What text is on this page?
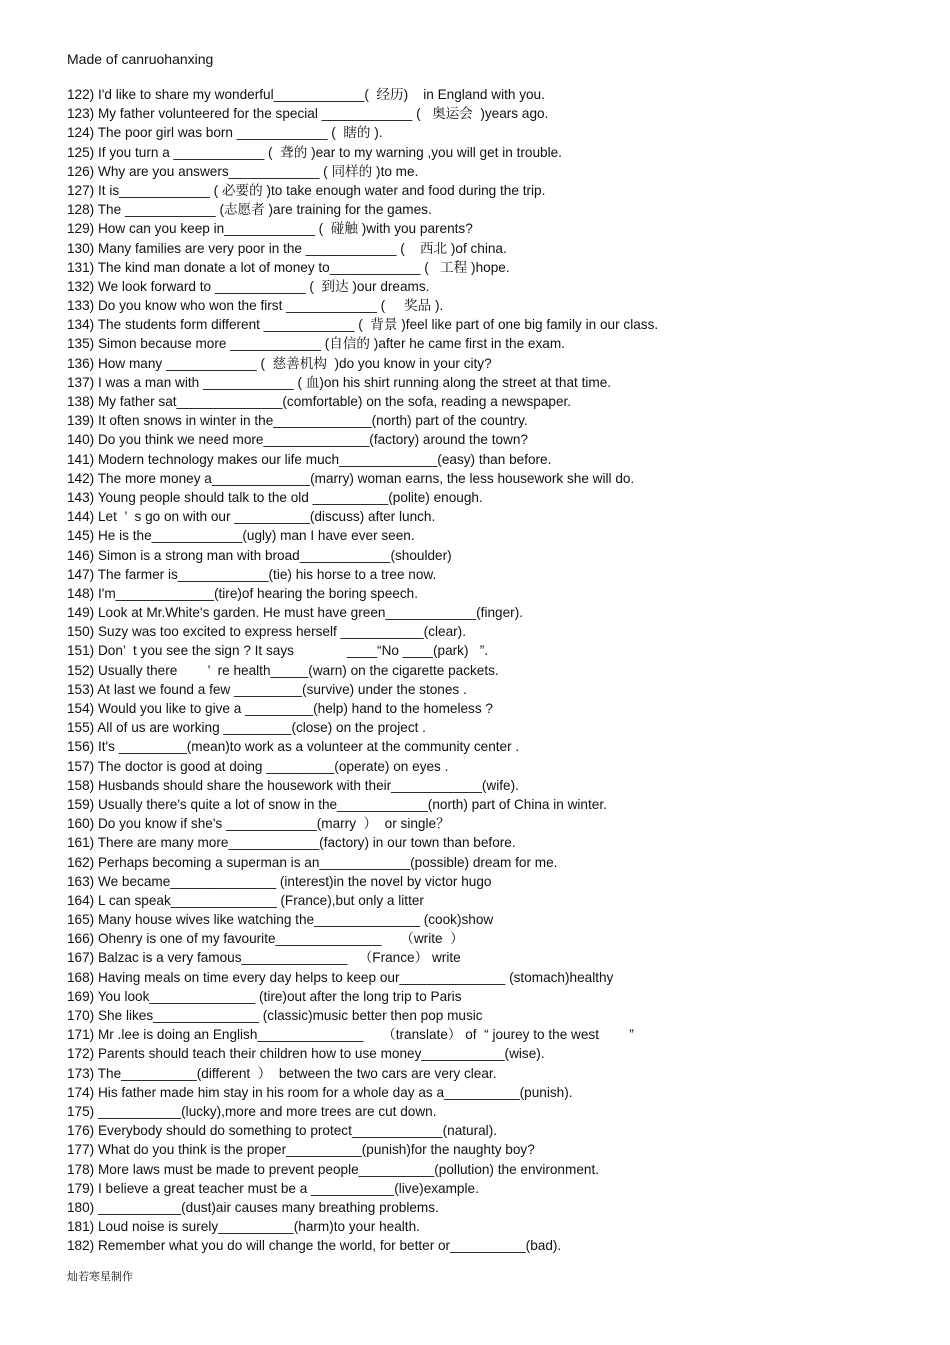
Made of canruohanxing
122) I'd like to share my wonderful____________(  经历)    in England with you.
123) My father volunteered for the special ____________ (   奥运会  )years ago.
124) The poor girl was born ____________ (  瞎的 ).
125) If you turn a ____________ (  聋的 )ear to my warning ,you will get in trouble.
126) Why are you answers____________ ( 同样的 )to me.
127) It is____________ ( 必要的 )to take enough water and food during the trip.
128) The ____________ (志愿者 )are training for the games.
129) How can you keep in____________ (  碰触 )with you parents?
130) Many families are very poor in the ____________ (    西北 )of china.
131) The kind man donate a lot of money to____________ (   工程 )hope.
132) We look forward to ____________ (  到达 )our dreams.
133) Do you know who won the first ____________ (     奖品 ).
134) The students form different ____________ (  背景 )feel like part of one big family in our class.
135) Simon because more ____________ (自信的 )after he came first in the exam.
136) How many ____________ (  慈善机构  )do you know in your city?
137) I was a man with ____________ ( 血)on his shirt running along the street at that time.
138) My father sat______________(comfortable) on the sofa, reading a newspaper.
139) It often snows in winter in the_____________(north) part of the country.
140) Do you think we need more______________(factory) around the town?
141) Modern technology makes our life much_____________(easy) than before.
142) The more money a_____________(marry) woman earns, the less housework she will do.
143) Young people should talk to the old __________(polite) enough.
144) Let  ’  s go on with our __________(discuss) after lunch.
145) He is the____________(ugly) man I have ever seen.
146) Simon is a strong man with broad____________(shoulder)
147) The farmer is____________(tie) his horse to a tree now.
148) I'm_____________(tire)of hearing the boring speech.
149) Look at Mr.White's garden. He must have green____________(finger).
150) Suzy was too excited to express herself ___________(clear).
151) Don’  t you see the sign ? It says              ____“No ____(park)   ”.
152) Usually there        ’  re health_____(warn) on the cigarette packets.
153) At last we found a few _________(survive) under the stones .
154) Would you like to give a _________(help) hand to the homeless ?
155) All of us are working _________(close) on the project .
156) It's _________(mean)to work as a volunteer at the community center .
157) The doctor is good at doing _________(operate) on eyes .
158) Husbands should share the housework with their____________(wife).
159) Usually there's quite a lot of snow in the____________(north) part of China in winter.
160) Do you know if she's ____________(marry  ）  or single？
161) There are many more____________(factory) in our town than before.
162) Perhaps becoming a superman is an____________(possible) dream for me.
163) We became______________ (interest)in the novel by victor hugo
164) L can speak______________ (France),but only a litter
165) Many house wives like watching the______________ (cook)show
166) Ohenry is one of my favourite______________     （write  ）
167) Balzac is a very famous______________   （France） write
168) Having meals on time every day helps to keep our______________ (stomach)healthy
169) You look______________ (tire)out after the long trip to Paris
170) She likes______________ (classic)music better then pop music
171) Mr .lee is doing an English______________     （translate） of  “ jourey to the west        ”
172) Parents should teach their children how to use money___________(wise).
173) The__________(different  ）  between the two cars are very clear.
174) His father made him stay in his room for a whole day as a__________(punish).
175) ___________(lucky),more and more trees are cut down.
176) Everybody should do something to protect____________(natural).
177) What do you think is the proper__________(punish)for the naughty boy?
178) More laws must be made to prevent people__________(pollution) the environment.
179) I believe a great teacher must be a ___________(live)example.
180) ___________(dust)air causes many breathing problems.
181) Loud noise is surely__________(harm)to your health.
182) Remember what you do will change the world, for better or__________(bad).
灿若寒星制作
